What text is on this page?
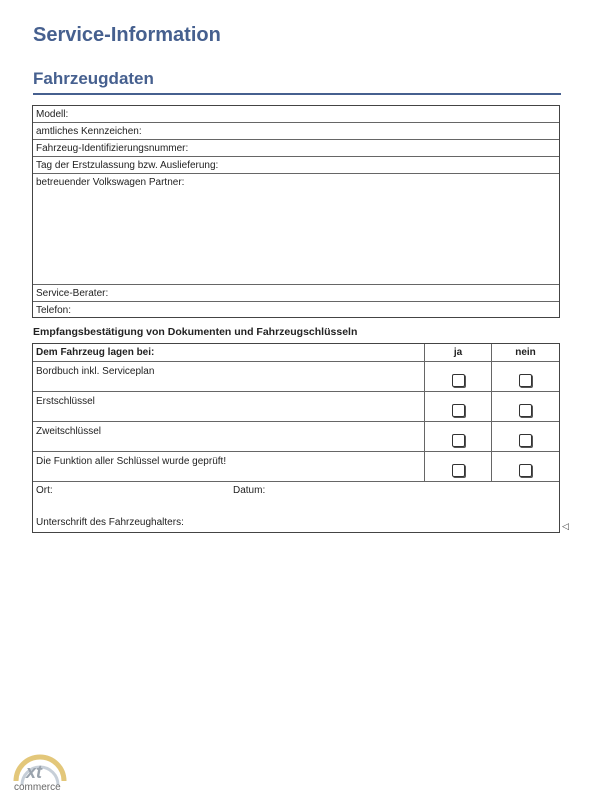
Service-Information
Fahrzeugdaten
Modell:
amtliches Kennzeichen:
Fahrzeug-Identifizierungsnummer:
Tag der Erstzulassung bzw. Auslieferung:
betreuender Volkswagen Partner:
Service-Berater:
Telefon:
Empfangsbestätigung von Dokumenten und Fahrzeugschlüsseln
Dem Fahrzeug lagen bei:	ja	nein
Bordbuch inkl. Serviceplan
Erstschlüssel
Zweitschlüssel
Die Funktion aller Schlüssel wurde geprüft!
Ort:	Datum:
Unterschrift des Fahrzeughalters:	◁
xt
commerce
